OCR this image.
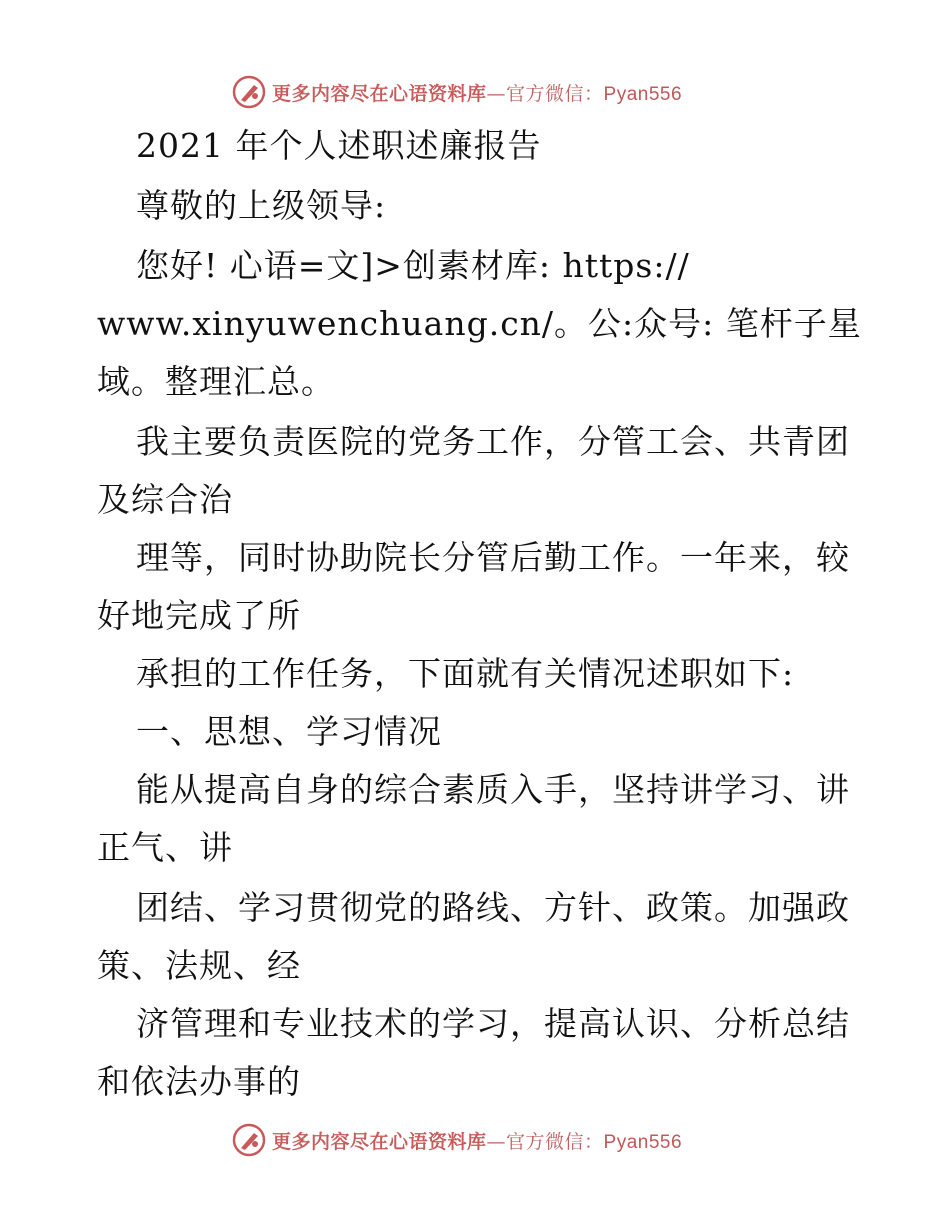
更多内容尽在心语资料库—官方微信：Pyan556
2021 年个人述职述廉报告
尊敬的上级领导:
您好! 心语=文]>创素材库: https://
www.xinyuwenchuang.cn/。公:众号: 笔杆子星
域。整理汇总。
我主要负责医院的党务工作，分管工会、共青团
及综合治
理等，同时协助院长分管后勤工作。一年来，较
好地完成了所
承担的工作任务，下面就有关情况述职如下:
一、思想、学习情况
能从提高自身的综合素质入手，坚持讲学习、讲
正气、讲
团结、学习贯彻党的路线、方针、政策。加强政
策、法规、经
济管理和专业技术的学习，提高认识、分析总结
和依法办事的
更多内容尽在心语资料库—官方微信：Pyan556
